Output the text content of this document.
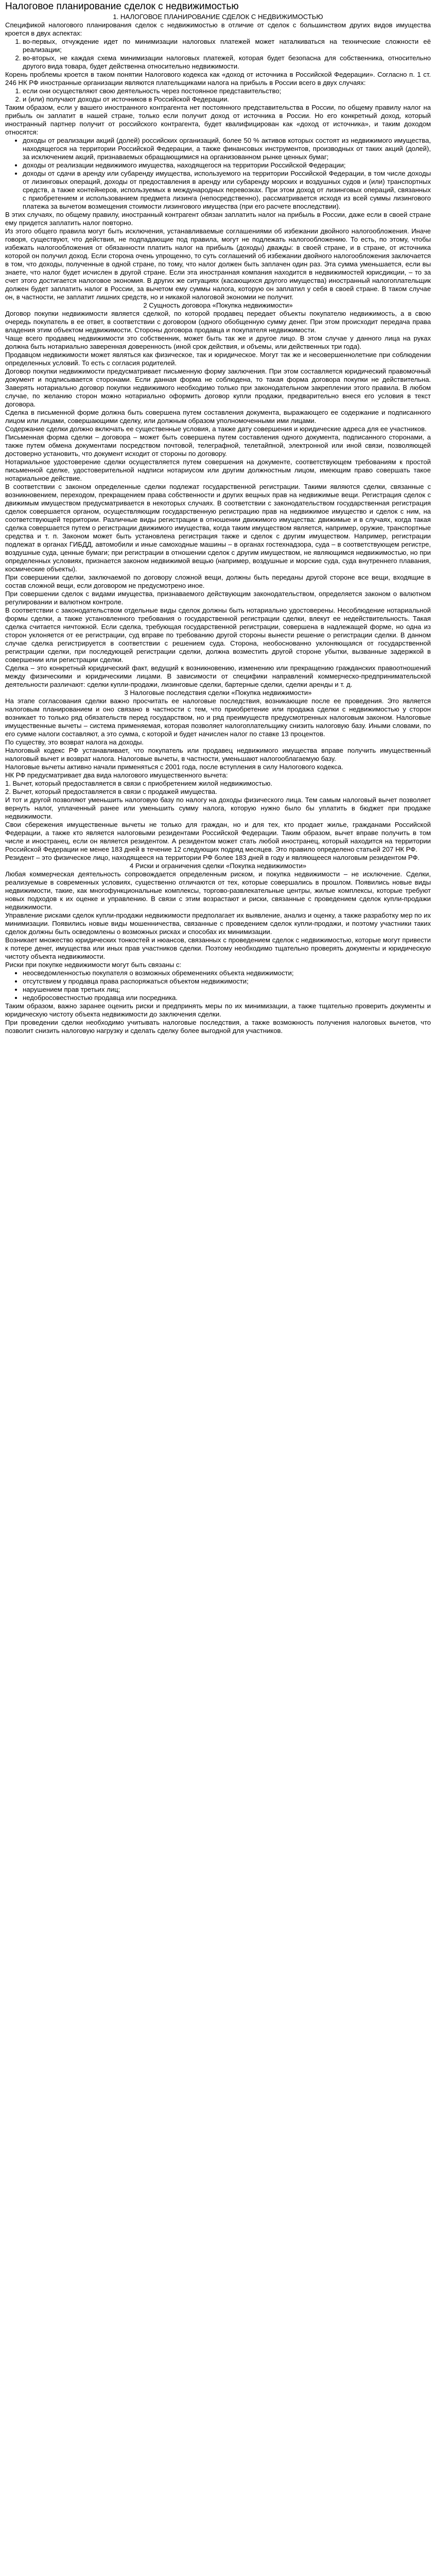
Налоговое планирование сделок с недвижимостью

1. НАЛОГОВОЕ ПЛАНИРОВАНИЕ СДЕЛОК С НЕДВИЖИМОСТЬЮ

Спецификой налогового планирования сделок с недвижимостью в отличие от сделок с большинством других видов имущества кроется в двух аспектах:

1. во-первых, отчуждение идет по минимизации налоговых платежей может наталкиваться на технические сложности её реализации;
2. во-вторых, не каждая схема минимизации налоговых платежей, которая будет безопасна для собственника, относительно другого вида товара, будет действенна относительно недвижимости.

Корень проблемы кроется в таком понятии Налогового кодекса как «доход от источника в Российской Федерации». Согласно п. 1 ст. 246 НК РФ иностранные организации являются плательщиками налога на прибыль в России всего в двух случаях:

1. если они осуществляют свою деятельность через постоянное представительство;
2. и (или) получают доходы от источников в Российской Федерации.

Таким образом, если у вашего иностранного контрагента нет постоянного представительства в России, по общему правилу налог на прибыль он заплатит в нашей стране, только если получит доход от источника в России. Но его конкретный доход, который иностранный партнер получит от российского контрагента, будет квалифицирован как «доход от источника», и таким доходом относятся:

• доходы от реализации акций (долей) российских организаций, более 50 % активов которых состоят из недвижимого имущества, находящегося на территории Российской Федерации, а также финансовых инструментов, производных от таких акций (долей), за исключением акций, признаваемых обращающимися на организованном рынке ценных бумаг;
• доходы от реализации недвижимого имущества, находящегося на территории Российской Федерации;
• доходы от сдачи в аренду или субаренду имущества, используемого на территории Российской Федерации, в том числе доходы от лизинговых операций, доходы от предоставления в аренду или субаренду морских и воздушных судов и (или) транспортных средств, а также контейнеров, используемых в международных перевозках. При этом доход от лизинговых операций, связанных с приобретением и использованием предмета лизинга (непосредственно), рассматривается исходя из всей суммы лизингового платежа за вычетом возмещения стоимости лизингового имущества (при его расчете впоследствии).

В этих случаях, по общему правилу, иностранный контрагент обязан заплатить налог на прибыль в России, даже если в своей стране ему придется заплатить налог повторно.

Из этого общего правила могут быть исключения, устанавливаемые соглашениями об избежании двойного налогообложения. Иначе говоря, существуют, что действия, не подпадающие под правила, могут не подлежать налогообложению. То есть, по этому, чтобы избежать налогообложения от обязанности платить налог на прибыль (доходы) дважды: в своей стране, и в стране, от источника которой он получил доход. Если сторона очень упрощенно, то суть соглашений об избежании двойного налогообложения заключается в том, что доходы, полученные в одной стране, по тому, что налог должен быть заплачен один раз. Эта сумма уменьшается, если вы знаете, что налог будет исчислен в другой стране. Если эта иностранная компания находится в недвижимостей юрисдикции, – то за счет этого достигается налоговое экономия. В других же ситуациях (касающихся другого имущества) иностранный налогоплательщик должен будет заплатить налог в России, за вычетом ему суммы налога, которую он заплатил у себя в своей стране. В таком случае он, в частности, не заплатит лишних средств, но и никакой налоговой экономии не получит.

2 Сущность договора «Покупка недвижимости»

Договор покупки недвижимости является сделкой, по которой продавец передает объекты покупателю недвижимость, а в свою очередь покупатель в ее ответ, в соответствии с договором (одного обобщенную сумму денег. При этом происходит передача права владения этим объектом недвижимости. Стороны договора продавца и покупателя недвижимости.

Чаще всего продавец недвижимости это собственник, может быть так же и другое лицо. В этом случае у данного лица на руках должна быть нотариально заверенная доверенность (иной срок действия, и объемы, или действенных три года).

Продавцом недвижимости может являться как физическое, так и юридическое. Могут так же и несовершеннолетние при соблюдении определенных условий. То есть с согласия родителей.

Договор покупки недвижимости предусматривает письменную форму заключения. При этом составляется юридический правомочный документ и подписывается сторонами. Если данная форма не соблюдена, то такая форма договора покупки не действительна. Заверять нотариально договор покупки недвижимого необходимо только при законодательном закреплении этого правила. В любом случае, по желанию сторон можно нотариально оформить договор купли продажи, предварительно внеся его условия в текст договора.

Сделка в письменной форме должна быть совершена путем составления документа, выражающего ее содержание и подписанного лицом или лицами, совершающими сделку, или должным образом уполномоченными ими лицами.

Содержание сделки должно включать ее существенные условия, а также дату совершения и юридические адреса для ее участников.

Письменная форма сделки – договора – может быть совершена путем составления одного документа, подписанного сторонами, а также путем обмена документами посредством почтовой, телеграфной, телетайпной, электронной или иной связи, позволяющей достоверно установить, что документ исходит от стороны по договору.

Нотариальное удостоверение сделки осуществляется путем совершения на документе, соответствующем требованиям к простой письменной сделке, удостоверительной надписи нотариусом или другим должностным лицом, имеющим право совершать такое нотариальное действие.

В соответствии с законом определенные сделки подлежат государственной регистрации. Такими являются сделки, связанные с возникновением, переходом, прекращением права собственности и других вещных прав на недвижимые вещи. Регистрация сделок с движимым имуществом предусматривается в некоторых случаях. В соответствии с законодательством государственная регистрация сделок совершается органом, осуществляющим государственную регистрацию прав на недвижимое имущество и сделок с ним, на соответствующей территории. Различные виды регистрации в отношении движимого имущества: движимые и в случаях, когда такая сделка совершается путем о регистрации движимого имущества, когда таким имуществом является, например, оружие, транспортные средства и т. п. Законом может быть установлена регистрация также и сделок с другим имуществом. Например, регистрации подлежат в органах ГИБДД, автомобили и иные самоходные машины – в органах гостехнадзора, суда – в соответствующем регистре, воздушные суда, ценные бумаги; при регистрации в отношении сделок с другим имуществом, не являющимся недвижимостью, но при определенных условиях, признается законом недвижимой вещью (например, воздушные и морские суда, суда внутреннего плавания, космические объекты).

При совершении сделки, заключаемой по договору сложной вещи, должны быть переданы другой стороне все вещи, входящие в состав сложной вещи, если договором не предусмотрено иное.

При совершении сделок с видами имущества, признаваемого действующим законодательством, определяется законом о валютном регулировании и валютном контроле.

В соответствии с законодательством отдельные виды сделок должны быть нотариально удостоверены. Несоблюдение нотариальной формы сделки, а также установленного требования о государственной регистрации сделки, влекут ее недействительность. Такая сделка считается ничтожной. Если сделка, требующая государственной регистрации, совершена в надлежащей форме, но одна из сторон уклоняется от ее регистрации, суд вправе по требованию другой стороны вынести решение о регистрации сделки. В данном случае сделка регистрируется в соответствии с решением суда. Сторона, необоснованно уклоняющаяся от государственной регистрации сделки, при последующей регистрации сделки, должна возместить другой стороне убытки, вызванные задержкой в совершении или регистрации сделки.

Сделка – это конкретный юридический факт, ведущий к возникновению, изменению или прекращению гражданских правоотношений между физическими и юридическими лицами. В зависимости от специфики направлений коммерческо-предпринимательской деятельности различают: сделки купли-продажи, лизинговые сделки, бартерные сделки, сделки аренды и т. д.

3 Налоговые последствия сделки «Покупка недвижимости»

На этапе согласования сделки важно просчитать ее налоговые последствия, возникающие после ее проведения. Это является налоговым планированием и оно связано в частности с тем, что приобретение или продажа сделки с недвижимостью у сторон возникает то только ряд обязательств перед государством, но и ряд преимуществ предусмотренных налоговым законом. Налоговые имущественные вычеты – система применяемая, которая позволяет налогоплательщику снизить налоговую базу. Иными словами, по его сумме налоги составляют, а это сумма, с которой и будет начислен налог по ставке 13 процентов.

По существу, это возврат налога на доходы.

Налоговый кодекс РФ устанавливает, что покупатель или продавец недвижимого имущества вправе получить имущественный налоговый вычет и возврат налога. Налоговые вычеты, в частности, уменьшают налогооблагаемую базу.

Налоговые вычеты активно начали применяться с 2001 года, после вступления в силу Налогового кодекса.

НК РФ предусматривает два вида налогового имущественного вычета:

1. Вычет, который предоставляется в связи с приобретением жилой недвижимостью.

2. Вычет, который предоставляется в связи с продажей имущества.

И тот и другой позволяют уменьшить налоговую базу по налогу на доходы физического лица. Тем самым налоговый вычет позволяет вернуть налог, уплаченный ранее или уменьшить сумму налога, которую нужно было бы уплатить в бюджет при продаже недвижимости.

Свои сбережения имущественные вычеты не только для граждан, но и для тех, кто продает жилье, гражданами Российской Федерации, а также кто является налоговыми резидентами Российской Федерации. Таким образом, вычет вправе получить в том числе и иностранец, если он является резидентом. А резидентом может стать любой иностранец, который находится на территории Российской Федерации не менее 183 дней в течение 12 следующих подряд месяцев. Это правило определено статьей 207 НК РФ.

Резидент – это физическое лицо, находящееся на территории РФ более 183 дней в году и являющееся налоговым резидентом РФ.

4 Риски и ограничения сделки «Покупка недвижимости»

Любая коммерческая деятельность сопровождается определенным риском, и покупка недвижимости – не исключение. Сделки, реализуемые в современных условиях, существенно отличаются от тех, которые совершались в прошлом. Появились новые виды недвижимости, такие, как многофункциональные комплексы, торгово-развлекательные центры, жилые комплексы, которые требуют новых подходов к их оценке и управлению. В связи с этим возрастают и риски, связанные с проведением сделок купли-продажи недвижимости.

Управление рисками сделок купли-продажи недвижимости предполагает их выявление, анализ и оценку, а также разработку мер по их минимизации. Появились новые виды мошенничества, связанные с проведением сделок купли-продажи, и поэтому участники таких сделок должны быть осведомлены о возможных рисках и способах их минимизации.

Возникает множество юридических тонкостей и нюансов, связанных с проведением сделок с недвижимостью, которые могут привести к потере денег, имущества или иных прав участников сделки. Поэтому необходимо тщательно проверять документы и юридическую чистоту объекта недвижимости.

Риски при покупке недвижимости могут быть связаны с:

• неосведомленностью покупателя о возможных обременениях объекта недвижимости;
• отсутствием у продавца права распоряжаться объектом недвижимости;
• нарушением прав третьих лиц;
• недобросовестностью продавца или посредника.

Таким образом, важно заранее оценить риски и предпринять меры по их минимизации, а также тщательно проверить документы и юридическую чистоту объекта недвижимости до заключения сделки.

При проведении сделки необходимо учитывать налоговые последствия, а также возможность получения налоговых вычетов, что позволит снизить налоговую нагрузку и сделать сделку более выгодной для участников.
